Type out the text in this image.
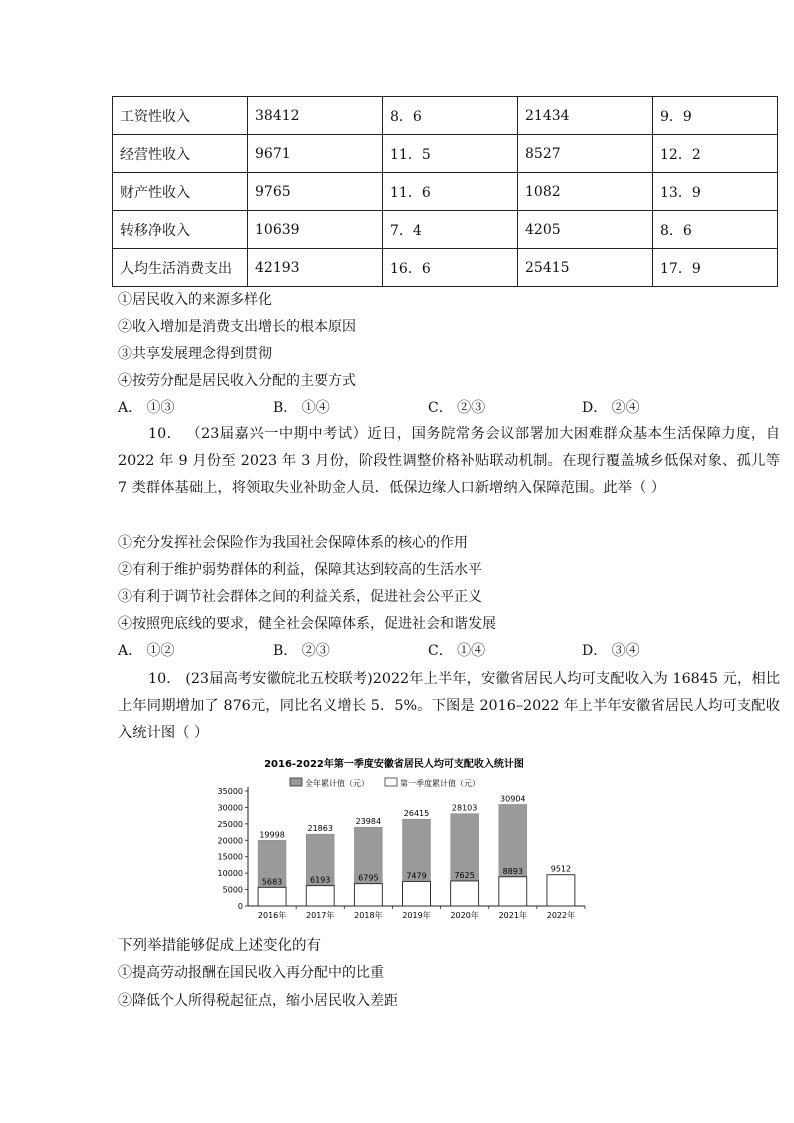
工资性收入	38412	8．6	21434	9．9
经营性收入	9671	11．5	8527	12．2
财产性收入	9765	11．6	1082	13．9
转移净收入	10639	7．4	4205	8．6
人均生活消费支出	42193	16．6	25415	17．9
①居民收入的来源多样化
②收入增加是消费支出增长的根本原因
③共享发展理念得到贯彻
④按劳分配是居民收入分配的主要方式
A． ①③	B． ①④	C． ②③	D． ②④
10． （23届嘉兴一中期中考试）近日，国务院常务会议部署加大困难群众基本生活保障力度，自 2022 年 9 月份至 2023 年 3 月份，阶段性调整价格补贴联动机制。在现行覆盖城乡低保对象、孤儿等 7 类群体基础上，将领取失业补助金人员．低保边缘人口新增纳入保障范围。此举（ ）
①充分发挥社会保险作为我国社会保障体系的核心的作用
②有利于维护弱势群体的利益，保障其达到较高的生活水平
③有利于调节社会群体之间的利益关系，促进社会公平正义
④按照兜底线的要求，健全社会保障体系，促进社会和谐发展
A． ①②	B． ②③	C． ①④	D． ③④
10． (23届高考安徽皖北五校联考)2022年上半年，安徽省居民人均可支配收入为 16845 元，相比上年同期增加了 876元，同比名义增长 5．5%。下图是 2016–2022 年上半年安徽省居民人均可支配收入统计图（ ）
2016-2022年第一季度安徽省居民人均可支配收入统计图
全年累计值（元）	第一季度累计值（元）
0
5000
10000
15000
20000
25000
30000
35000
19998
5683
2016年
21863
6193
2017年
23984
6795
2018年
26415
7479
2019年
28103
7625
2020年
30904
8893
2021年
9512
2022年
下列举措能够促成上述变化的有
①提高劳动报酬在国民收入再分配中的比重
②降低个人所得税起征点，缩小居民收入差距
